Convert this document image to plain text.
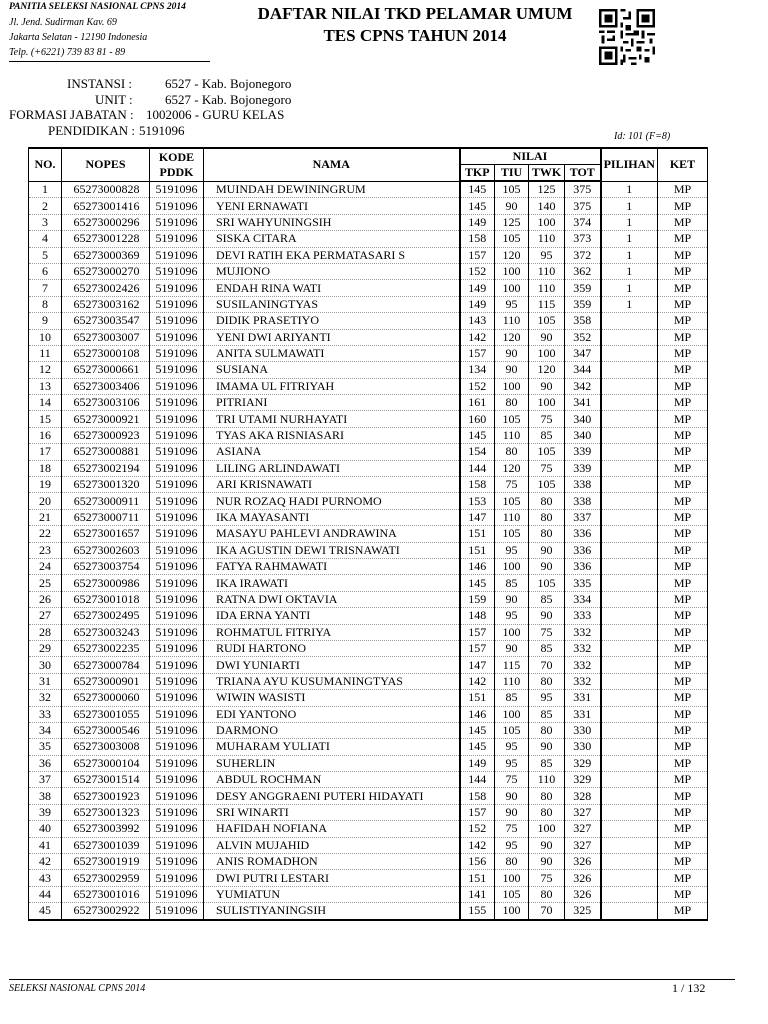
PANITIA SELEKSI NASIONAL CPNS 2014
Jl. Jend. Sudirman Kav. 69
Jakarta Selatan - 12190 Indonesia
Telp. (+6221) 739 83 81 - 89
DAFTAR NILAI TKD PELAMAR UMUM
TES CPNS TAHUN 2014
INSTANSI :	6527 - Kab. Bojonegoro
UNIT : 6527 - Kab. Bojonegoro
FORMASI JABATAN : 1002006 - GURU KELAS
PENDIDIKAN : 5191096	Id: 101 (F=8)
NO.	NOPES	KODE PDDK	NAMA	NILAI				PILIHAN	KET
				TKP	TIU	TWK	TOT		
1	65273000828	5191096	MUINDAH DEWININGRUM	145	105	125	375	1	MP
2	65273001416	5191096	YENI ERNAWATI	145	90	140	375	1	MP
3	65273000296	5191096	SRI WAHYUNINGSIH	149	125	100	374	1	MP
4	65273001228	5191096	SISKA CITARA	158	105	110	373	1	MP
5	65273000369	5191096	DEVI RATIH EKA PERMATASARI S	157	120	95	372	1	MP
6	65273000270	5191096	MUJIONO	152	100	110	362	1	MP
7	65273002426	5191096	ENDAH RINA WATI	149	100	110	359	1	MP
8	65273003162	5191096	SUSILANINGTYAS	149	95	115	359	1	MP
9	65273003547	5191096	DIDIK PRASETIYO	143	110	105	358		MP
10	65273003007	5191096	YENI DWI ARIYANTI	142	120	90	352		MP
11	65273000108	5191096	ANITA SULMAWATI	157	90	100	347		MP
12	65273000661	5191096	SUSIANA	134	90	120	344		MP
13	65273003406	5191096	IMAMA UL FITRIYAH	152	100	90	342		MP
14	65273003106	5191096	PITRIANI	161	80	100	341		MP
15	65273000921	5191096	TRI UTAMI NURHAYATI	160	105	75	340		MP
16	65273000923	5191096	TYAS AKA RISNIASARI	145	110	85	340		MP
17	65273000881	5191096	ASIANA	154	80	105	339		MP
18	65273002194	5191096	LILING ARLINDAWATI	144	120	75	339		MP
19	65273001320	5191096	ARI KRISNAWATI	158	75	105	338		MP
20	65273000911	5191096	NUR ROZAQ HADI PURNOMO	153	105	80	338		MP
21	65273000711	5191096	IKA MAYASANTI	147	110	80	337		MP
22	65273001657	5191096	MASAYU PAHLEVI ANDRAWINA	151	105	80	336		MP
23	65273002603	5191096	IKA AGUSTIN DEWI TRISNAWATI	151	95	90	336		MP
24	65273003754	5191096	FATYA RAHMAWATI	146	100	90	336		MP
25	65273000986	5191096	IKA IRAWATI	145	85	105	335		MP
26	65273001018	5191096	RATNA DWI OKTAVIA	159	90	85	334		MP
27	65273002495	5191096	IDA ERNA YANTI	148	95	90	333		MP
28	65273003243	5191096	ROHMATUL FITRIYA	157	100	75	332		MP
29	65273002235	5191096	RUDI HARTONO	157	90	85	332		MP
30	65273000784	5191096	DWI YUNIARTI	147	115	70	332		MP
31	65273000901	5191096	TRIANA AYU KUSUMANINGTYAS	142	110	80	332		MP
32	65273000060	5191096	WIWIN WASISTI	151	85	95	331		MP
33	65273001055	5191096	EDI YANTONO	146	100	85	331		MP
34	65273000546	5191096	DARMONO	145	105	80	330		MP
35	65273003008	5191096	MUHARAM YULIATI	145	95	90	330		MP
36	65273000104	5191096	SUHERLIN	149	95	85	329		MP
37	65273001514	5191096	ABDUL ROCHMAN	144	75	110	329		MP
38	65273001923	5191096	DESY ANGGRAENI PUTERI HIDAYATI	158	90	80	328		MP
39	65273001323	5191096	SRI WINARTI	157	90	80	327		MP
40	65273003992	5191096	HAFIDAH NOFIANA	152	75	100	327		MP
41	65273001039	5191096	ALVIN MUJAHID	142	95	90	327		MP
42	65273001919	5191096	ANIS ROMADHON	156	80	90	326		MP
43	65273002959	5191096	DWI PUTRI LESTARI	151	100	75	326		MP
44	65273001016	5191096	YUMIATUN	141	105	80	326		MP
45	65273002922	5191096	SULISTIYANINGSIH	155	100	70	325		MP
SELEKSI NASIONAL CPNS 2014	1 / 132
